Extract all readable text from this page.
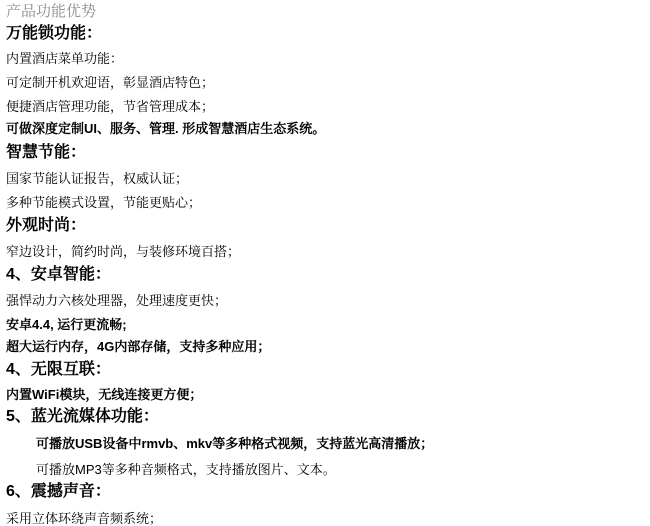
产品功能优势
万能锁功能：
内置酒店菜单功能：
可定制开机欢迎语，彰显酒店特色；
便捷酒店管理功能，节省管理成本；
可做深度定制UI、服务、管理. 形成智慧酒店生态系统。
智慧节能：
国家节能认证报告，权威认证；
多种节能模式设置，节能更贴心；
外观时尚：
窄边设计，简约时尚，与装修环境百搭；
4、安卓智能：
强悍动力六核处理器，处理速度更快；
安卓4.4, 运行更流畅;
超大运行内存，4G内部存储，支持多种应用；
4、无限互联：
内置WiFi模块，无线连接更方便；
5、蓝光流媒体功能：
可播放USB设备中rmvb、mkv等多种格式视频，支持蓝光高清播放；
可播放MP3等多种音频格式，支持播放图片、文本。
6、震撼声音：
采用立体环绕声音频系统；
